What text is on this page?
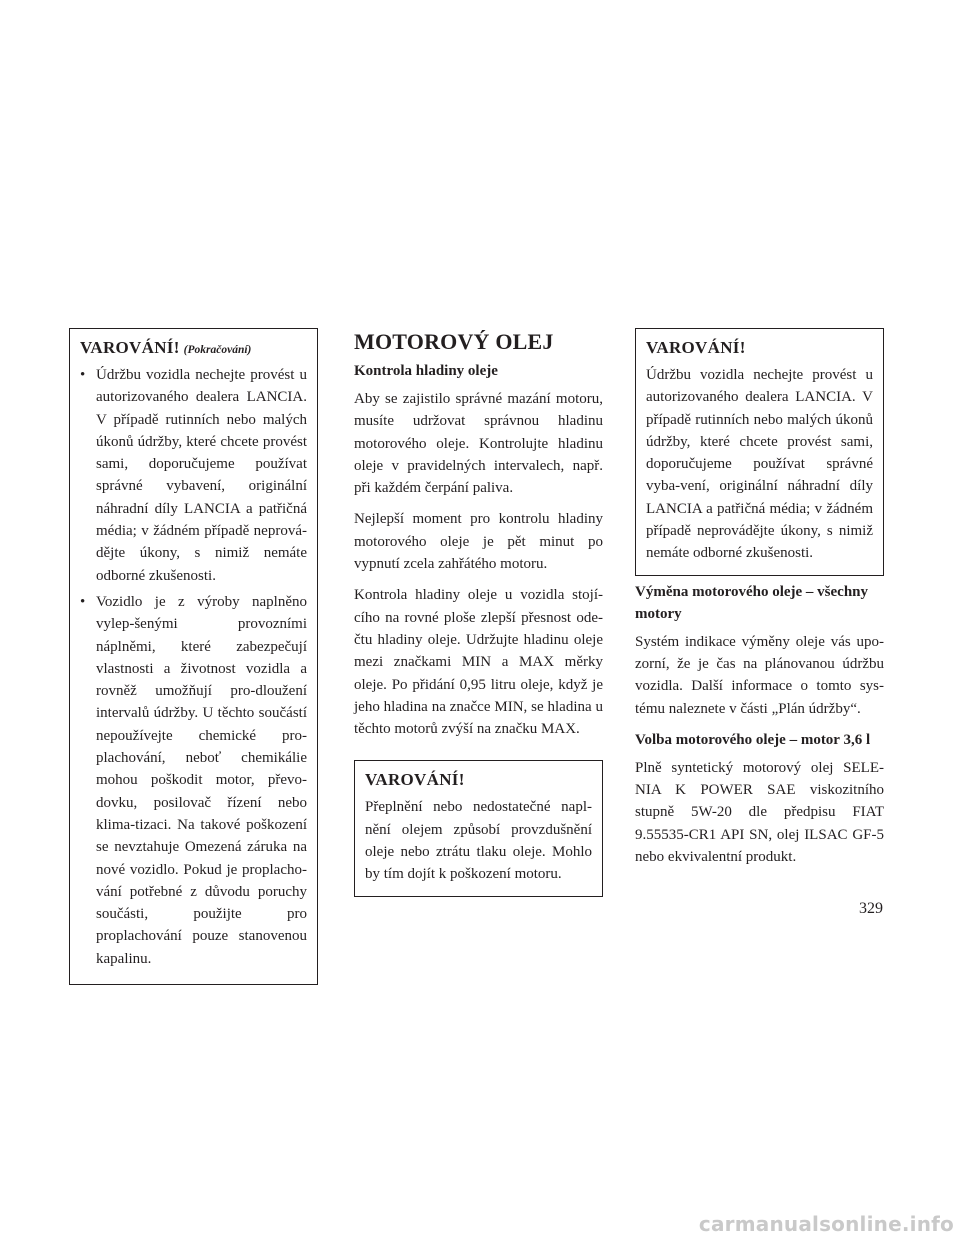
VAROVÁNÍ! (Pokračování)
• Údržbu vozidla nechejte provést u autorizovaného dealera LANCIA. V případě rutinních nebo malých úkonů údržby, které chcete provést sami, doporučujeme používat správné vybavení, originální náhradní díly LANCIA a patřičná média; v žádném případě neprová-dějte úkony, s nimiž nemáte odborné zkušenosti.
• Vozidlo je z výroby naplněno vylep-šenými provozními náplněmi, které zabezpečují vlastnosti a životnost vozidla a rovněž umožňují pro-dloužení intervalů údržby. U těchto součástí nepoužívejte chemické pro-plachování, neboť chemikálie mohou poškodit motor, převo-dovku, posilovač řízení nebo klima-tizaci. Na takové poškození se nevztahuje Omezená záruka na nové vozidlo. Pokud je proplacho-vání potřebné z důvodu poruchy součásti, použijte pro proplachování pouze stanovenou kapalinu.
MOTOROVÝ OLEJ
Kontrola hladiny oleje

Aby se zajistilo správné mazání motoru, musíte udržovat správnou hladinu motorového oleje. Kontrolujte hladinu oleje v pravidelných intervalech, např. při každém čerpání paliva.

Nejlepší moment pro kontrolu hladiny motorového oleje je pět minut po vypnutí zcela zahřátého motoru.

Kontrola hladiny oleje u vozidla stojí-cího na rovné ploše zlepší přesnost ode-čtu hladiny oleje. Udržujte hladinu oleje mezi značkami MIN a MAX měrky oleje. Po přidání 0,95 litru oleje, když je jeho hladina na značce MIN, se hladina u těchto motorů zvýší na značku MAX.

VAROVÁNÍ!

Přeplnění nebo nedostatečné napl-nění olejem způsobí provzdušnění oleje nebo ztrátu tlaku oleje. Mohlo by tím dojít k poškození motoru.

VAROVÁNÍ!

Údržbu vozidla nechejte provést u autorizovaného dealera LANCIA. V případě rutinních nebo malých úkonů údržby, které chcete provést sami, doporučujeme používat správné vyba-vení, originální náhradní díly LANCIA a patřičná média; v žádném případě neprovádějte úkony, s nimiž nemáte odborné zkušenosti.

Výměna motorového oleje – všechny motory

Systém indikace výměny oleje vás upo-zorní, že je čas na plánovanou údržbu vozidla. Další informace o tomto sys-tému naleznete v části „Plán údržby“.

Volba motorového oleje – motor 3,6 l

Plně syntetický motorový olej SELE-NIA K POWER SAE viskozitního stupně 5W-20 dle předpisu FIAT 9.55535-CR1 API SN, olej ILSAC GF-5 nebo ekvivalentní produkt.

329
carmanualsonline.info
